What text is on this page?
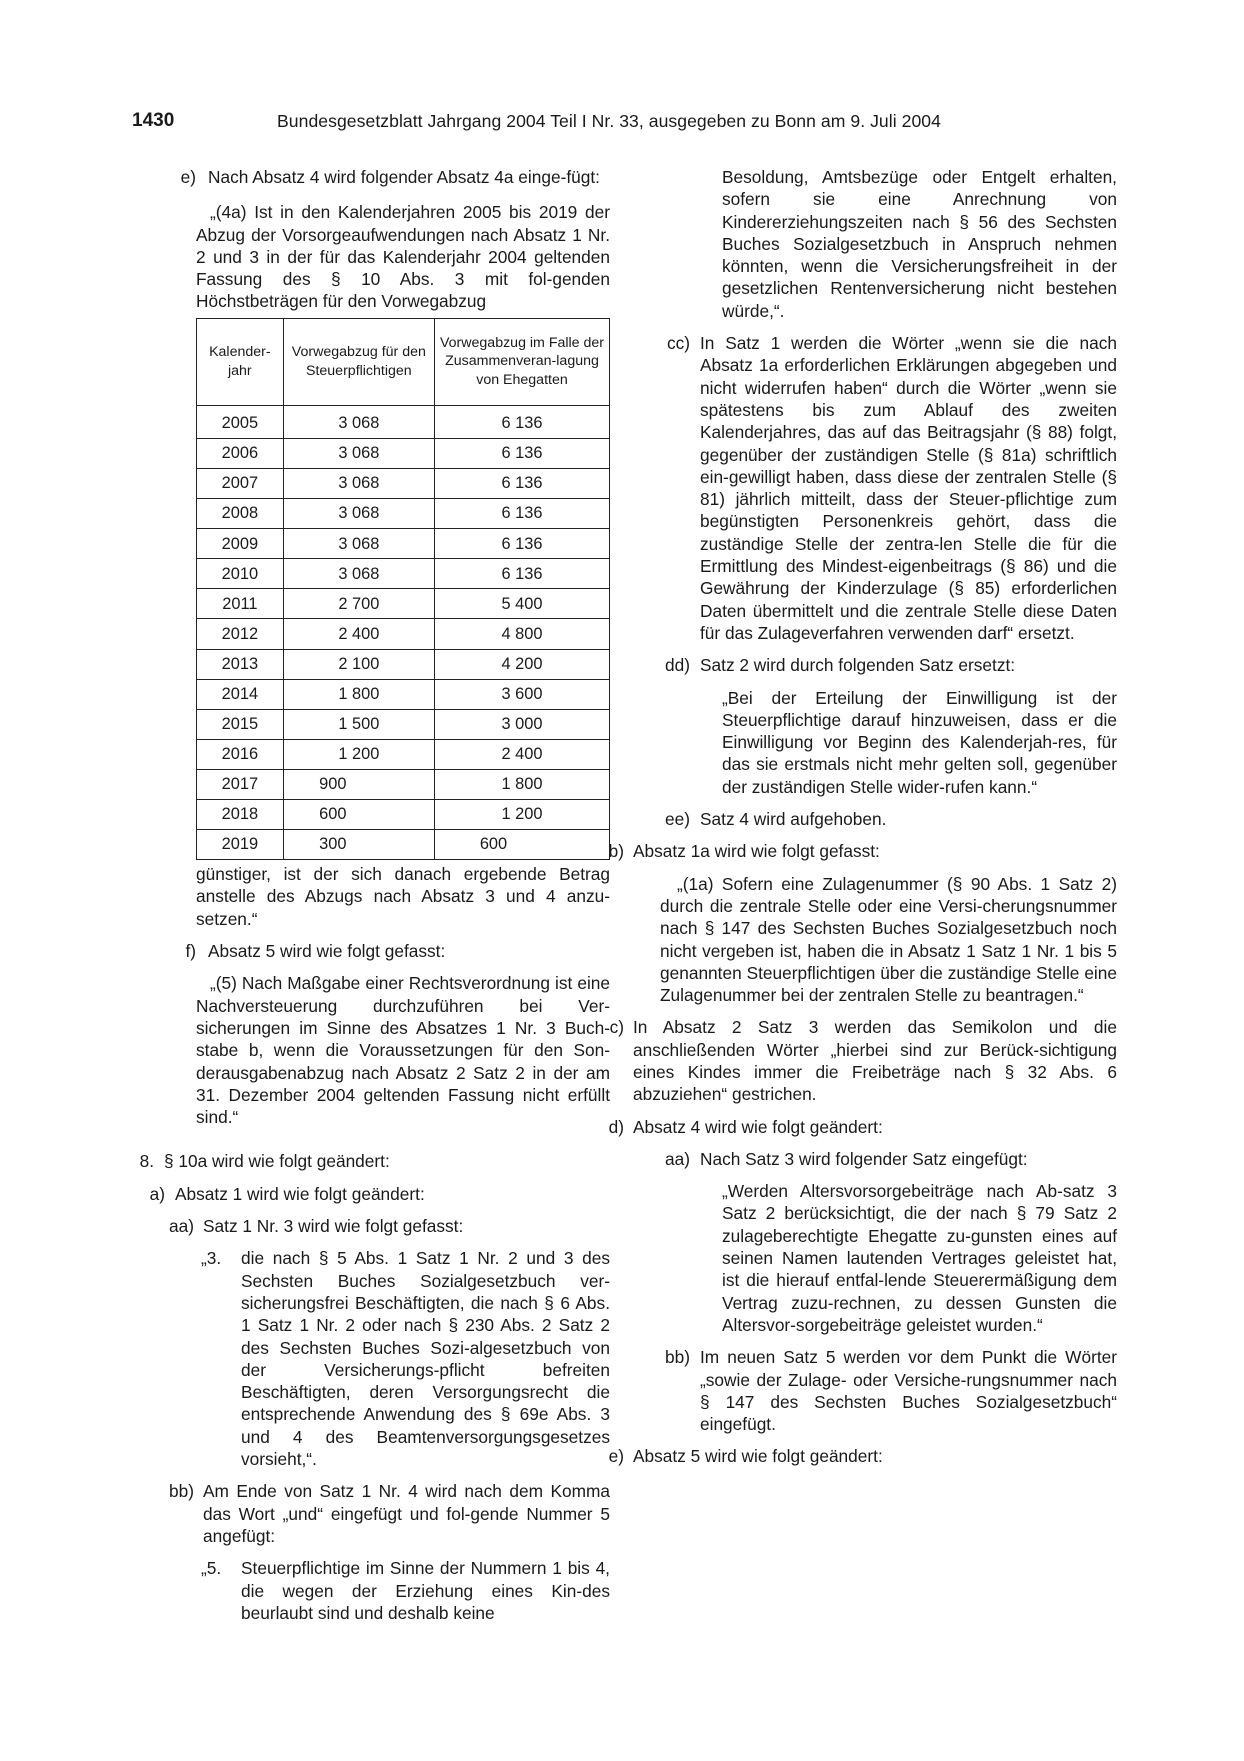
1430	Bundesgesetzblatt Jahrgang 2004 Teil I Nr. 33, ausgegeben zu Bonn am 9. Juli 2004
e) Nach Absatz 4 wird folgender Absatz 4a einge-fügt:

„(4a) Ist in den Kalenderjahren 2005 bis 2019 der Abzug der Vorsorgeaufwendungen nach Absatz 1 Nr. 2 und 3 in der für das Kalenderjahr 2004 geltenden Fassung des § 10 Abs. 3 mit fol-genden Höchstbeträgen für den Vorwegabzug

Kalender-jahr	Vorwegabzug für den Steuerpflichtigen	Vorwegabzug im Falle der Zusammenveran-lagung von Ehegatten
2005	3 068	6 136
2006	3 068	6 136
2007	3 068	6 136
2008	3 068	6 136
2009	3 068	6 136
2010	3 068	6 136
2011	2 700	5 400
2012	2 400	4 800
2013	2 100	4 200
2014	1 800	3 600
2015	1 500	3 000
2016	1 200	2 400
2017	900	1 800
2018	600	1 200
2019	300	600

günstiger, ist der sich danach ergebende Betrag anstelle des Abzugs nach Absatz 3 und 4 anzu-setzen.“

f) Absatz 5 wird wie folgt gefasst:

„(5) Nach Maßgabe einer Rechtsverordnung ist eine Nachversteuerung durchzuführen bei Ver-sicherungen im Sinne des Absatzes 1 Nr. 3 Buch-stabe b, wenn die Voraussetzungen für den Son-derausgabenabzug nach Absatz 2 Satz 2 in der am 31. Dezember 2004 geltenden Fassung nicht erfüllt sind.“

8. § 10a wird wie folgt geändert:

a) Absatz 1 wird wie folgt geändert:

aa) Satz 1 Nr. 3 wird wie folgt gefasst:

„3.	die nach § 5 Abs. 1 Satz 1 Nr. 2 und 3 des Sechsten Buches Sozialgesetzbuch ver-sicherungsfrei Beschäftigten, die nach § 6 Abs. 1 Satz 1 Nr. 2 oder nach § 230 Abs. 2 Satz 2 des Sechsten Buches Sozi-algesetzbuch von der Versicherungs-pflicht befreiten Beschäftigten, deren Versorgungsrecht die entsprechende Anwendung des § 69e Abs. 3 und 4 des Beamtenversorgungsgesetzes vorsieht,“.

bb) Am Ende von Satz 1 Nr. 4 wird nach dem Komma das Wort „und“ eingefügt und fol-gende Nummer 5 angefügt:

„5.	Steuerpflichtige im Sinne der Nummern 1 bis 4, die wegen der Erziehung eines Kin-des beurlaubt sind und deshalb keine

Besoldung, Amtsbezüge oder Entgelt erhalten, sofern sie eine Anrechnung von Kindererziehungszeiten nach § 56 des Sechsten Buches Sozialgesetzbuch in Anspruch nehmen könnten, wenn die Versicherungsfreiheit in der gesetzlichen Rentenversicherung nicht bestehen würde,“.

cc) In Satz 1 werden die Wörter „wenn sie die nach Absatz 1a erforderlichen Erklärungen abgegeben und nicht widerrufen haben“ durch die Wörter „wenn sie spätestens bis zum Ablauf des zweiten Kalenderjahres, das auf das Beitragsjahr (§ 88) folgt, gegenüber der zuständigen Stelle (§ 81a) schriftlich ein-gewilligt haben, dass diese der zentralen Stelle (§ 81) jährlich mitteilt, dass der Steuer-pflichtige zum begünstigten Personenkreis gehört, dass die zuständige Stelle der zentra-len Stelle die für die Ermittlung des Mindest-eigenbeitrags (§ 86) und die Gewährung der Kinderzulage (§ 85) erforderlichen Daten übermittelt und die zentrale Stelle diese Daten für das Zulageverfahren verwenden darf“ ersetzt.

dd) Satz 2 wird durch folgenden Satz ersetzt:

„Bei der Erteilung der Einwilligung ist der Steuerpflichtige darauf hinzuweisen, dass er die Einwilligung vor Beginn des Kalenderjah-res, für das sie erstmals nicht mehr gelten soll, gegenüber der zuständigen Stelle wider-rufen kann.“

ee) Satz 4 wird aufgehoben.

b) Absatz 1a wird wie folgt gefasst:

„(1a) Sofern eine Zulagenummer (§ 90 Abs. 1 Satz 2) durch die zentrale Stelle oder eine Versi-cherungsnummer nach § 147 des Sechsten Buches Sozialgesetzbuch noch nicht vergeben ist, haben die in Absatz 1 Satz 1 Nr. 1 bis 5 genannten Steuerpflichtigen über die zuständige Stelle eine Zulagenummer bei der zentralen Stelle zu beantragen.“

c) In Absatz 2 Satz 3 werden das Semikolon und die anschließenden Wörter „hierbei sind zur Berück-sichtigung eines Kindes immer die Freibeträge nach § 32 Abs. 6 abzuziehen“ gestrichen.

d) Absatz 4 wird wie folgt geändert:

aa) Nach Satz 3 wird folgender Satz eingefügt:

„Werden Altersvorsorgebeiträge nach Ab-satz 3 Satz 2 berücksichtigt, die der nach § 79 Satz 2 zulageberechtigte Ehegatte zu-gunsten eines auf seinen Namen lautenden Vertrages geleistet hat, ist die hierauf entfal-lende Steuerermäßigung dem Vertrag zuzu-rechnen, zu dessen Gunsten die Altersvor-sorgebeiträge geleistet wurden.“

bb) Im neuen Satz 5 werden vor dem Punkt die Wörter „sowie der Zulage- oder Versiche-rungsnummer nach § 147 des Sechsten Buches Sozialgesetzbuch“ eingefügt.

e) Absatz 5 wird wie folgt geändert:
